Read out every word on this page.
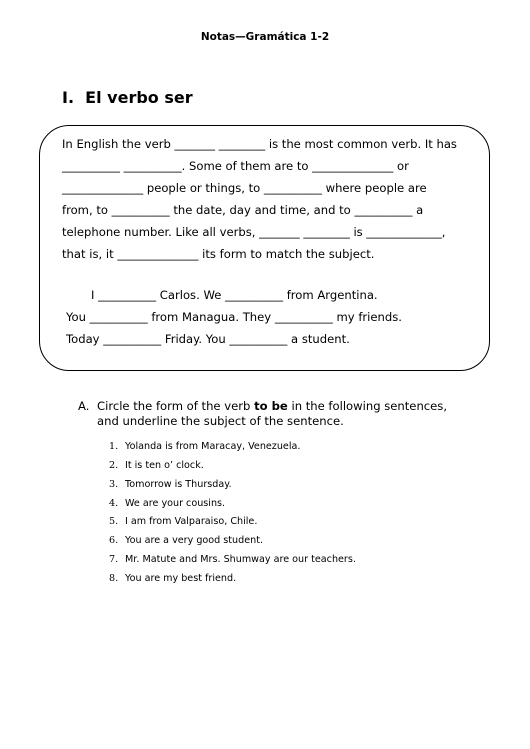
Notas—Gramática 1-2
I. El verbo ser
In English the verb _______ ________ is the most common verb. It has
__________ __________. Some of them are to ______________ or
______________ people or things, to __________ where people are
from, to __________ the date, day and time, and to __________ a
telephone number. Like all verbs, _______ ________ is _____________,
that is, it ______________ its form to match the subject.
I __________ Carlos. We __________ from Argentina.
You __________ from Managua. They __________ my friends.
Today __________ Friday. You __________ a student.
A. Circle the form of the verb to be in the following sentences, and underline the subject of the sentence.
1. Yolanda is from Maracay, Venezuela.
2. It is ten o’ clock.
3. Tomorrow is Thursday.
4. We are your cousins.
5. I am from Valparaiso, Chile.
6. You are a very good student.
7. Mr. Matute and Mrs. Shumway are our teachers.
8. You are my best friend.
